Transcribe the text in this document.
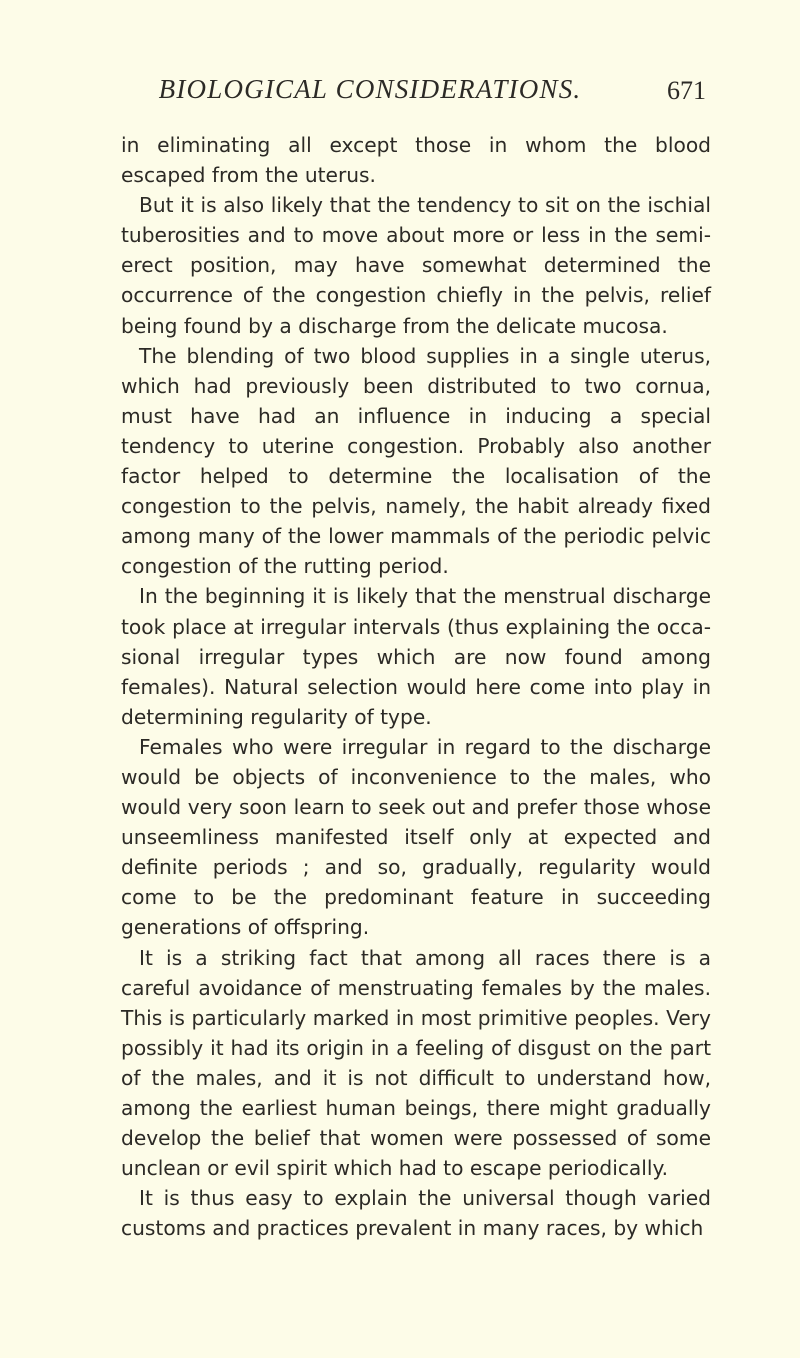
BIOLOGICAL CONSIDERATIONS.	671

in eliminating all except those in whom the blood escaped from the uterus.

But it is also likely that the tendency to sit on the ischial tuberosities and to move about more or less in the semi-erect position, may have somewhat determined the occurrence of the congestion chiefly in the pelvis, relief being found by a discharge from the delicate mucosa.

The blending of two blood supplies in a single uterus, which had previously been distributed to two cornua, must have had an influence in inducing a special tendency to uterine congestion. Probably also another factor helped to determine the localisation of the congestion to the pelvis, namely, the habit already fixed among many of the lower mammals of the periodic pelvic congestion of the rutting period.

In the beginning it is likely that the menstrual discharge took place at irregular intervals (thus explaining the occasional irregular types which are now found among females). Natural selection would here come into play in determining regularity of type.

Females who were irregular in regard to the discharge would be objects of inconvenience to the males, who would very soon learn to seek out and prefer those whose unseemliness manifested itself only at expected and definite periods ; and so, gradually, regularity would come to be the predominant feature in succeeding generations of offspring.

It is a striking fact that among all races there is a careful avoidance of menstruating females by the males. This is particularly marked in most primitive peoples. Very possibly it had its origin in a feeling of disgust on the part of the males, and it is not difficult to understand how, among the earliest human beings, there might gradually develop the belief that women were possessed of some unclean or evil spirit which had to escape periodically.

It is thus easy to explain the universal though varied customs and practices prevalent in many races, by which
